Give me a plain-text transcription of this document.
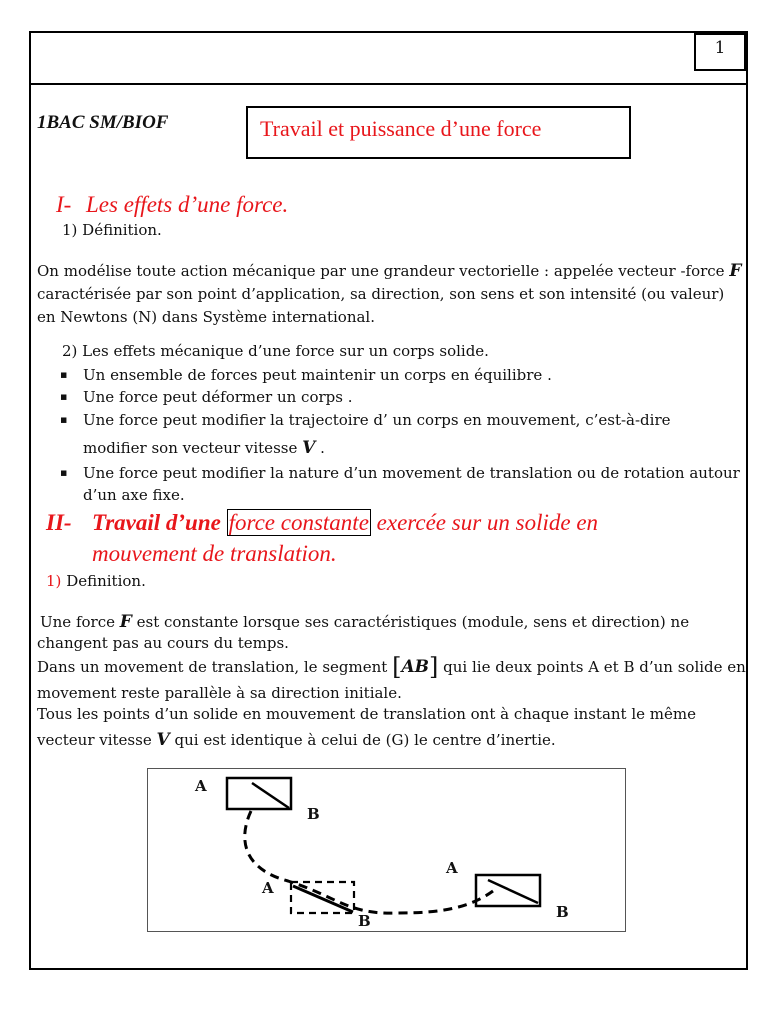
1
1BAC SM/BIOF	Travail et puissance d’une force
I- Les effets d’une force.
1) Définition.
On modélise toute action mécanique par une grandeur vectorielle : appelée vecteur -force F
caractérisée par son point d’application, sa direction, son sens et son intensité (ou valeur)
en Newtons (N) dans Système international.
2) Les effets mécanique d’une force sur un corps solide.
Un ensemble de forces peut maintenir un corps en équilibre .
Une force peut déformer un corps .
Une force peut modifier la trajectoire d’ un corps en mouvement, c’est-à-dire
modifier son vecteur vitesse V .
Une force peut modifier la nature d’un movement de translation ou de rotation autour
d’un axe fixe.
II- Travail d’une force constante exercée sur un solide en
mouvement de translation.
1) Definition.
Une force F est constante lorsque ses caractéristiques (module, sens et direction) ne
changent pas au cours du temps.
Dans un movement de translation, le segment [AB] qui lie deux points A et B d’un solide en
movement reste parallèle à sa direction initiale.
Tous les points d’un solide en mouvement de translation ont à chaque instant le même
vecteur vitesse V qui est identique à celui de (G) le centre d’inertie.
A
B
A
B
A
B
